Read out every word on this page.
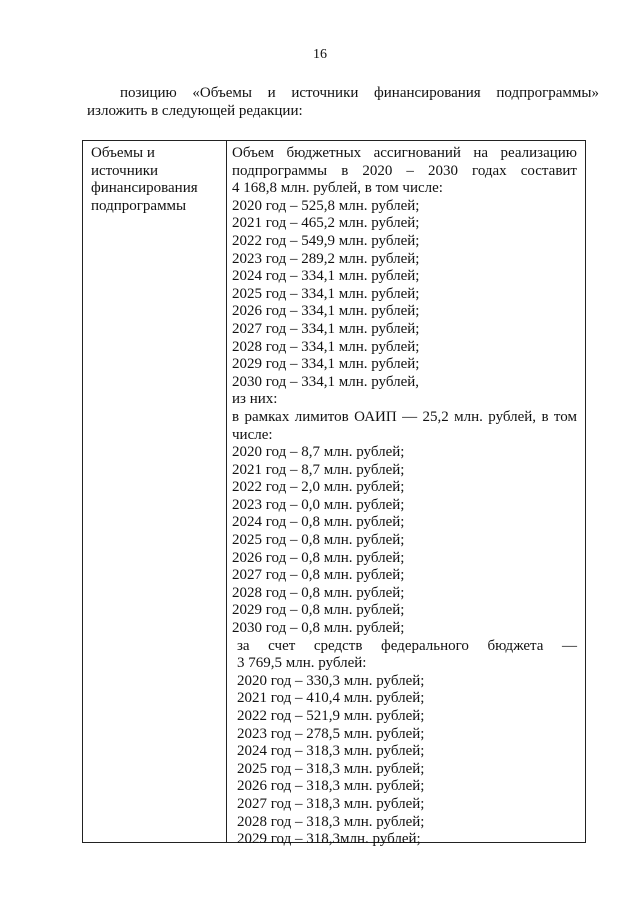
16
позицию «Объемы и источники финансирования подпрограммы»
изложить в следующей редакции:
Объемы и
источники
финансирования
подпрограммы
Объем бюджетных ассигнований на реализацию
подпрограммы в 2020 – 2030 годах составит
4 168,8 млн. рублей, в том числе:
2020 год – 525,8 млн. рублей;
2021 год – 465,2 млн. рублей;
2022 год – 549,9 млн. рублей;
2023 год – 289,2 млн. рублей;
2024 год – 334,1 млн. рублей;
2025 год – 334,1 млн. рублей;
2026 год – 334,1 млн. рублей;
2027 год – 334,1 млн. рублей;
2028 год – 334,1 млн. рублей;
2029 год – 334,1 млн. рублей;
2030 год – 334,1 млн. рублей,
из них:
в рамках лимитов ОАИП — 25,2 млн. рублей, в том
числе:
2020 год – 8,7 млн. рублей;
2021 год – 8,7 млн. рублей;
2022 год – 2,0 млн. рублей;
2023 год – 0,0 млн. рублей;
2024 год – 0,8 млн. рублей;
2025 год – 0,8 млн. рублей;
2026 год – 0,8 млн. рублей;
2027 год – 0,8 млн. рублей;
2028 год – 0,8 млн. рублей;
2029 год – 0,8 млн. рублей;
2030 год – 0,8 млн. рублей;
за счет средств федерального бюджета —
3 769,5 млн. рублей:
2020 год – 330,3 млн. рублей;
2021 год – 410,4 млн. рублей;
2022 год – 521,9 млн. рублей;
2023 год – 278,5 млн. рублей;
2024 год – 318,3 млн. рублей;
2025 год – 318,3 млн. рублей;
2026 год – 318,3 млн. рублей;
2027 год – 318,3 млн. рублей;
2028 год – 318,3 млн. рублей;
2029 год – 318,3млн. рублей;
